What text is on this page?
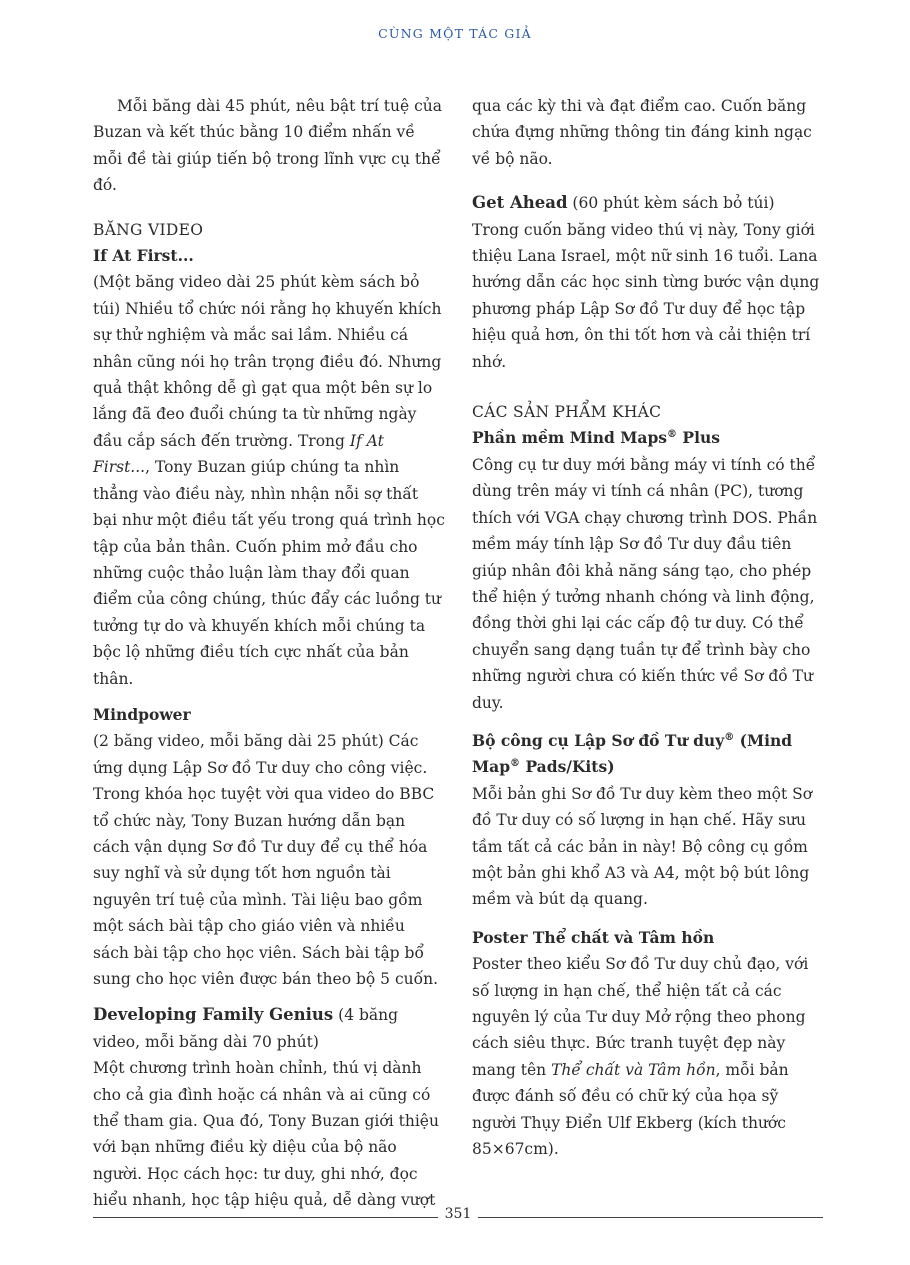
CÙNG MỘT TÁC GIẢ

Mỗi băng dài 45 phút, nêu bật trí tuệ của Buzan và kết thúc bằng 10 điểm nhấn về mỗi đề tài giúp tiến bộ trong lĩnh vực cụ thể đó.

BĂNG VIDEO

If At First...

(Một băng video dài 25 phút kèm sách bỏ túi) Nhiều tổ chức nói rằng họ khuyến khích sự thử nghiệm và mắc sai lầm. Nhiều cá nhân cũng nói họ trân trọng điều đó. Nhưng quả thật không dễ gì gạt qua một bên sự lo lắng đã đeo đuổi chúng ta từ những ngày đầu cắp sách đến trường. Trong If At First..., Tony Buzan giúp chúng ta nhìn thẳng vào điều này, nhìn nhận nỗi sợ thất bại như một điều tất yếu trong quá trình học tập của bản thân. Cuốn phim mở đầu cho những cuộc thảo luận làm thay đổi quan điểm của công chúng, thúc đẩy các luồng tư tưởng tự do và khuyến khích mỗi chúng ta bộc lộ những điều tích cực nhất của bản thân.

Mindpower

(2 băng video, mỗi băng dài 25 phút) Các ứng dụng Lập Sơ đồ Tư duy cho công việc. Trong khóa học tuyệt vời qua video do BBC tổ chức này, Tony Buzan hướng dẫn bạn cách vận dụng Sơ đồ Tư duy để cụ thể hóa suy nghĩ và sử dụng tốt hơn nguồn tài nguyên trí tuệ của mình. Tài liệu bao gồm một sách bài tập cho giáo viên và nhiều sách bài tập cho học viên. Sách bài tập bổ sung cho học viên được bán theo bộ 5 cuốn.

Developing Family Genius (4 băng video, mỗi băng dài 70 phút)

Một chương trình hoàn chỉnh, thú vị dành cho cả gia đình hoặc cá nhân và ai cũng có thể tham gia. Qua đó, Tony Buzan giới thiệu với bạn những điều kỳ diệu của bộ não người. Học cách học: tư duy, ghi nhớ, đọc hiểu nhanh, học tập hiệu quả, dễ dàng vượt

qua các kỳ thi và đạt điểm cao. Cuốn băng chứa đựng những thông tin đáng kinh ngạc về bộ não.

Get Ahead (60 phút kèm sách bỏ túi)

Trong cuốn băng video thú vị này, Tony giới thiệu Lana Israel, một nữ sinh 16 tuổi. Lana hướng dẫn các học sinh từng bước vận dụng phương pháp Lập Sơ đồ Tư duy để học tập hiệu quả hơn, ôn thi tốt hơn và cải thiện trí nhớ.

CÁC SẢN PHẨM KHÁC

Phần mềm Mind Maps® Plus

Công cụ tư duy mới bằng máy vi tính có thể dùng trên máy vi tính cá nhân (PC), tương thích với VGA chạy chương trình DOS. Phần mềm máy tính lập Sơ đồ Tư duy đầu tiên giúp nhân đôi khả năng sáng tạo, cho phép thể hiện ý tưởng nhanh chóng và linh động, đồng thời ghi lại các cấp độ tư duy. Có thể chuyển sang dạng tuần tự để trình bày cho những người chưa có kiến thức về Sơ đồ Tư duy.

Bộ công cụ Lập Sơ đồ Tư duy® (Mind Map® Pads/Kits)

Mỗi bản ghi Sơ đồ Tư duy kèm theo một Sơ đồ Tư duy có số lượng in hạn chế. Hãy sưu tầm tất cả các bản in này! Bộ công cụ gồm một bản ghi khổ A3 và A4, một bộ bút lông mềm và bút dạ quang.

Poster Thể chất và Tâm hồn

Poster theo kiểu Sơ đồ Tư duy chủ đạo, với số lượng in hạn chế, thể hiện tất cả các nguyên lý của Tư duy Mở rộng theo phong cách siêu thực. Bức tranh tuyệt đẹp này mang tên Thể chất và Tâm hồn, mỗi bản được đánh số đều có chữ ký của họa sỹ người Thụy Điển Ulf Ekberg (kích thước 85×67cm).

351
